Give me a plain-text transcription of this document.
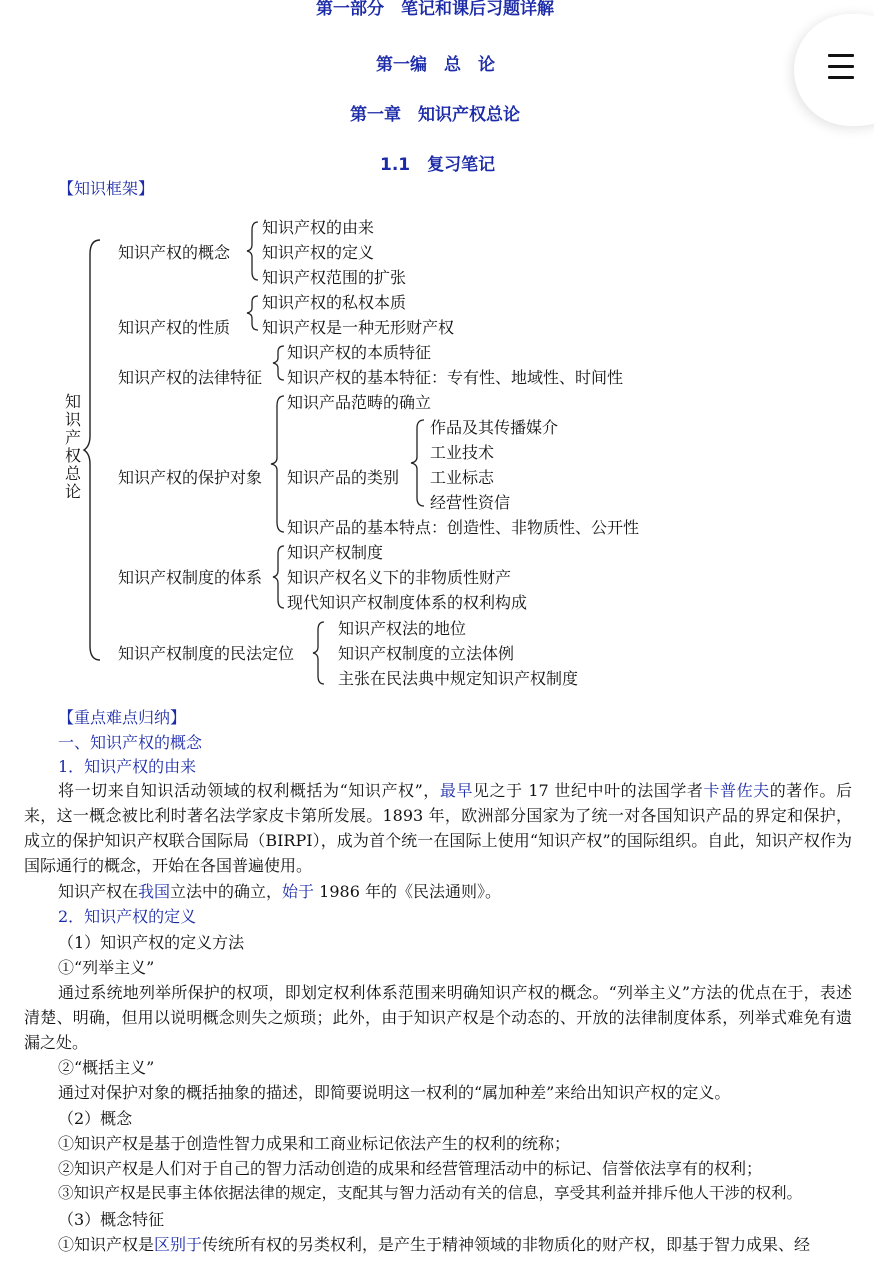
第一部分　笔记和课后习题详解
第一编　总　论
第一章　知识产权总论
1.1　复习笔记
【知识框架】
知识产权总论
知识产权的概念
知识产权的由来
知识产权的定义
知识产权范围的扩张
知识产权的性质
知识产权的私权本质
知识产权是一种无形财产权
知识产权的法律特征
知识产权的本质特征
知识产权的基本特征：专有性、地域性、时间性
知识产权的保护对象
知识产品范畴的确立
知识产品的类别
知识产品的基本特点：创造性、非物质性、公开性
作品及其传播媒介
工业技术
工业标志
经营性资信
知识产权制度的体系
知识产权制度
知识产权名义下的非物质性财产
现代知识产权制度体系的权利构成
知识产权制度的民法定位
知识产权法的地位
知识产权制度的立法体例
主张在民法典中规定知识产权制度
【重点难点归纳】
一、知识产权的概念
1．知识产权的由来
将一切来自知识活动领域的权利概括为“知识产权”，最早见之于 17 世纪中叶的法国学者卡普佐夫的著作。后来，这一概念被比利时著名法学家皮卡第所发展。1893 年，欧洲部分国家为了统一对各国知识产品的界定和保护，成立的保护知识产权联合国际局（BIRPI），成为首个统一在国际上使用“知识产权”的国际组织。自此，知识产权作为国际通行的概念，开始在各国普遍使用。
知识产权在我国立法中的确立，始于 1986 年的《民法通则》。
2．知识产权的定义
（1）知识产权的定义方法
①“列举主义”
通过系统地列举所保护的权项，即划定权利体系范围来明确知识产权的概念。“列举主义”方法的优点在于，表述清楚、明确，但用以说明概念则失之烦琐；此外，由于知识产权是个动态的、开放的法律制度体系，列举式难免有遗漏之处。
②“概括主义”
通过对保护对象的概括抽象的描述，即简要说明这一权利的“属加种差”来给出知识产权的定义。
（2）概念
①知识产权是基于创造性智力成果和工商业标记依法产生的权利的统称；
②知识产权是人们对于自己的智力活动创造的成果和经营管理活动中的标记、信誉依法享有的权利；
③知识产权是民事主体依据法律的规定，支配其与智力活动有关的信息，享受其利益并排斥他人干涉的权利。
（3）概念特征
①知识产权是区别于传统所有权的另类权利，是产生于精神领域的非物质化的财产权，即基于智力成果、经
